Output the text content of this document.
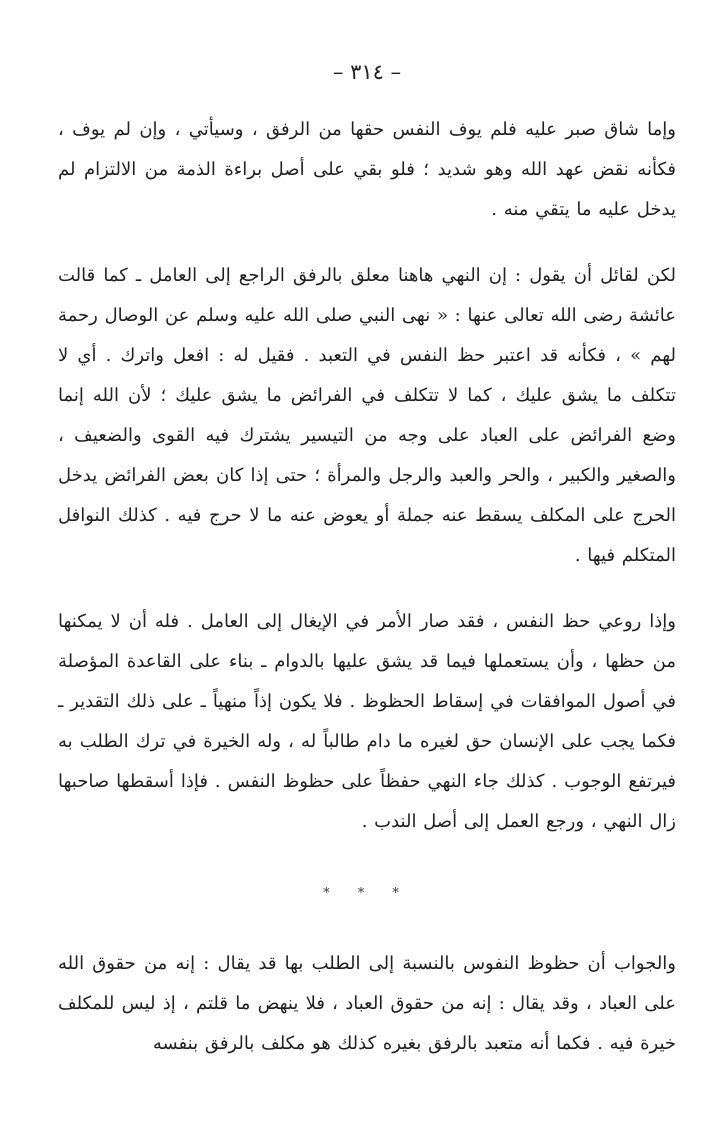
– ٣١٤ –

وإما شاق صبر عليه فلم يوف النفس حقها من الرفق ، وسيأتي ، وإن لم يوف ، فكأنه نقض عهد الله وهو شديد ؛ فلو بقي على أصل براءة الذمة من الالتزام لم يدخل عليه ما يتقي منه .

لكن لقائل أن يقول : إن النهي هاهنا معلق بالرفق الراجع إلى العامل ـ كما قالت عائشة رضى الله تعالى عنها : « نهى النبي صلى الله عليه وسلم عن الوصال رحمة لهم » ، فكأنه قد اعتبر حظ النفس في التعبد . فقيل له : افعل واترك . أي لا تتكلف ما يشق عليك ، كما لا تتكلف في الفرائض ما يشق عليك ؛ لأن الله إنما وضع الفرائض على العباد على وجه من التيسير يشترك فيه القوى والضعيف ، والصغير والكبير ، والحر والعبد والرجل والمرأة ؛ حتى إذا كان بعض الفرائض يدخل الحرج على المكلف يسقط عنه جملة أو يعوض عنه ما لا حرج فيه . كذلك النوافل المتكلم فيها .

وإذا روعي حظ النفس ، فقد صار الأمر في الإيغال إلى العامل . فله أن لا يمكنها من حظها ، وأن يستعملها فيما قد يشق عليها بالدوام ـ بناء على القاعدة المؤصلة في أصول الموافقات في إسقاط الحظوظ . فلا يكون إذاً منهياً ـ على ذلك التقدير ـ فكما يجب على الإنسان حق لغيره ما دام طالباً له ، وله الخيرة في ترك الطلب به فيرتفع الوجوب . كذلك جاء النهي حفظاً على حظوظ النفس . فإذا أسقطها صاحبها زال النهي ، ورجع العمل إلى أصل الندب .

* * *

والجواب أن حظوظ النفوس بالنسبة إلى الطلب بها قد يقال : إنه من حقوق الله على العباد ، وقد يقال : إنه من حقوق العباد ، فلا ينهض ما قلتم ، إذ ليس للمكلف خيرة فيه . فكما أنه متعبد بالرفق بغيره كذلك هو مكلف بالرفق بنفسه
